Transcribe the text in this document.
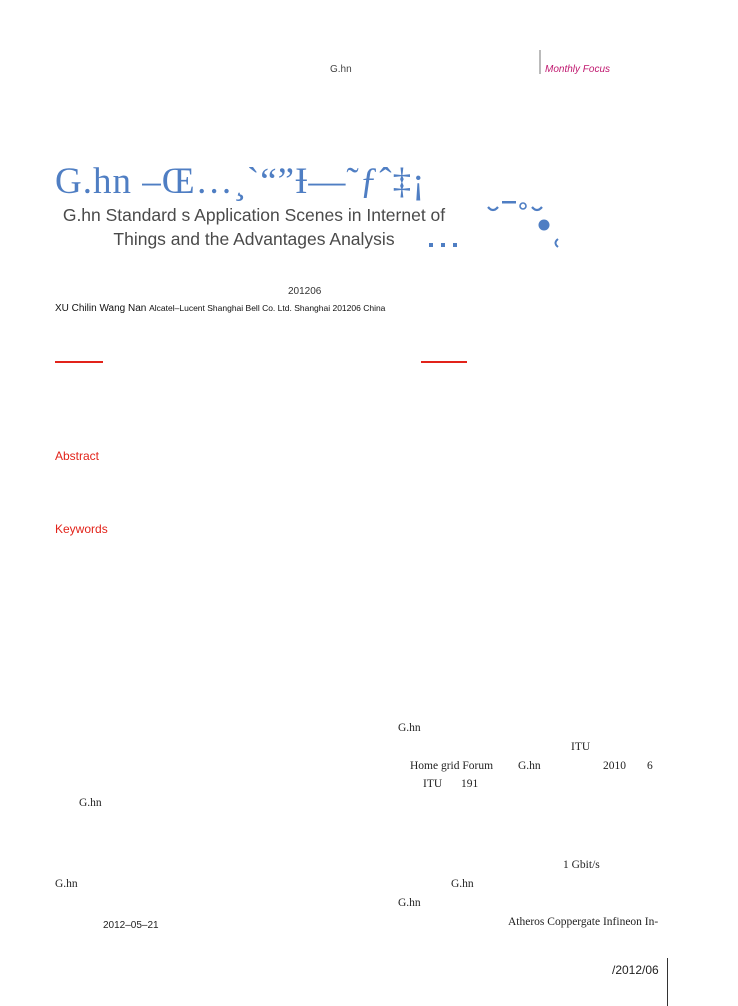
G.hn	Monthly Focus
G.hn –Œ…¸`“”Ɨ—˜ƒˆ‡¡
G.hn Standard s Application Scenes in Internet of Things and the Advantages Analysis
201206
XU Chilin Wang Nan Alcatel–Lucent Shanghai Bell Co. Ltd. Shanghai 201206 China
Abstract
Keywords
G.hn
G.hn
2012–05–21
G.hn
ITU
Home grid Forum G.hn	2010 6
ITU 191
1 Gbit/s
G.hn
G.hn
Atheros Coppergate Infineon In-
/2012/06
